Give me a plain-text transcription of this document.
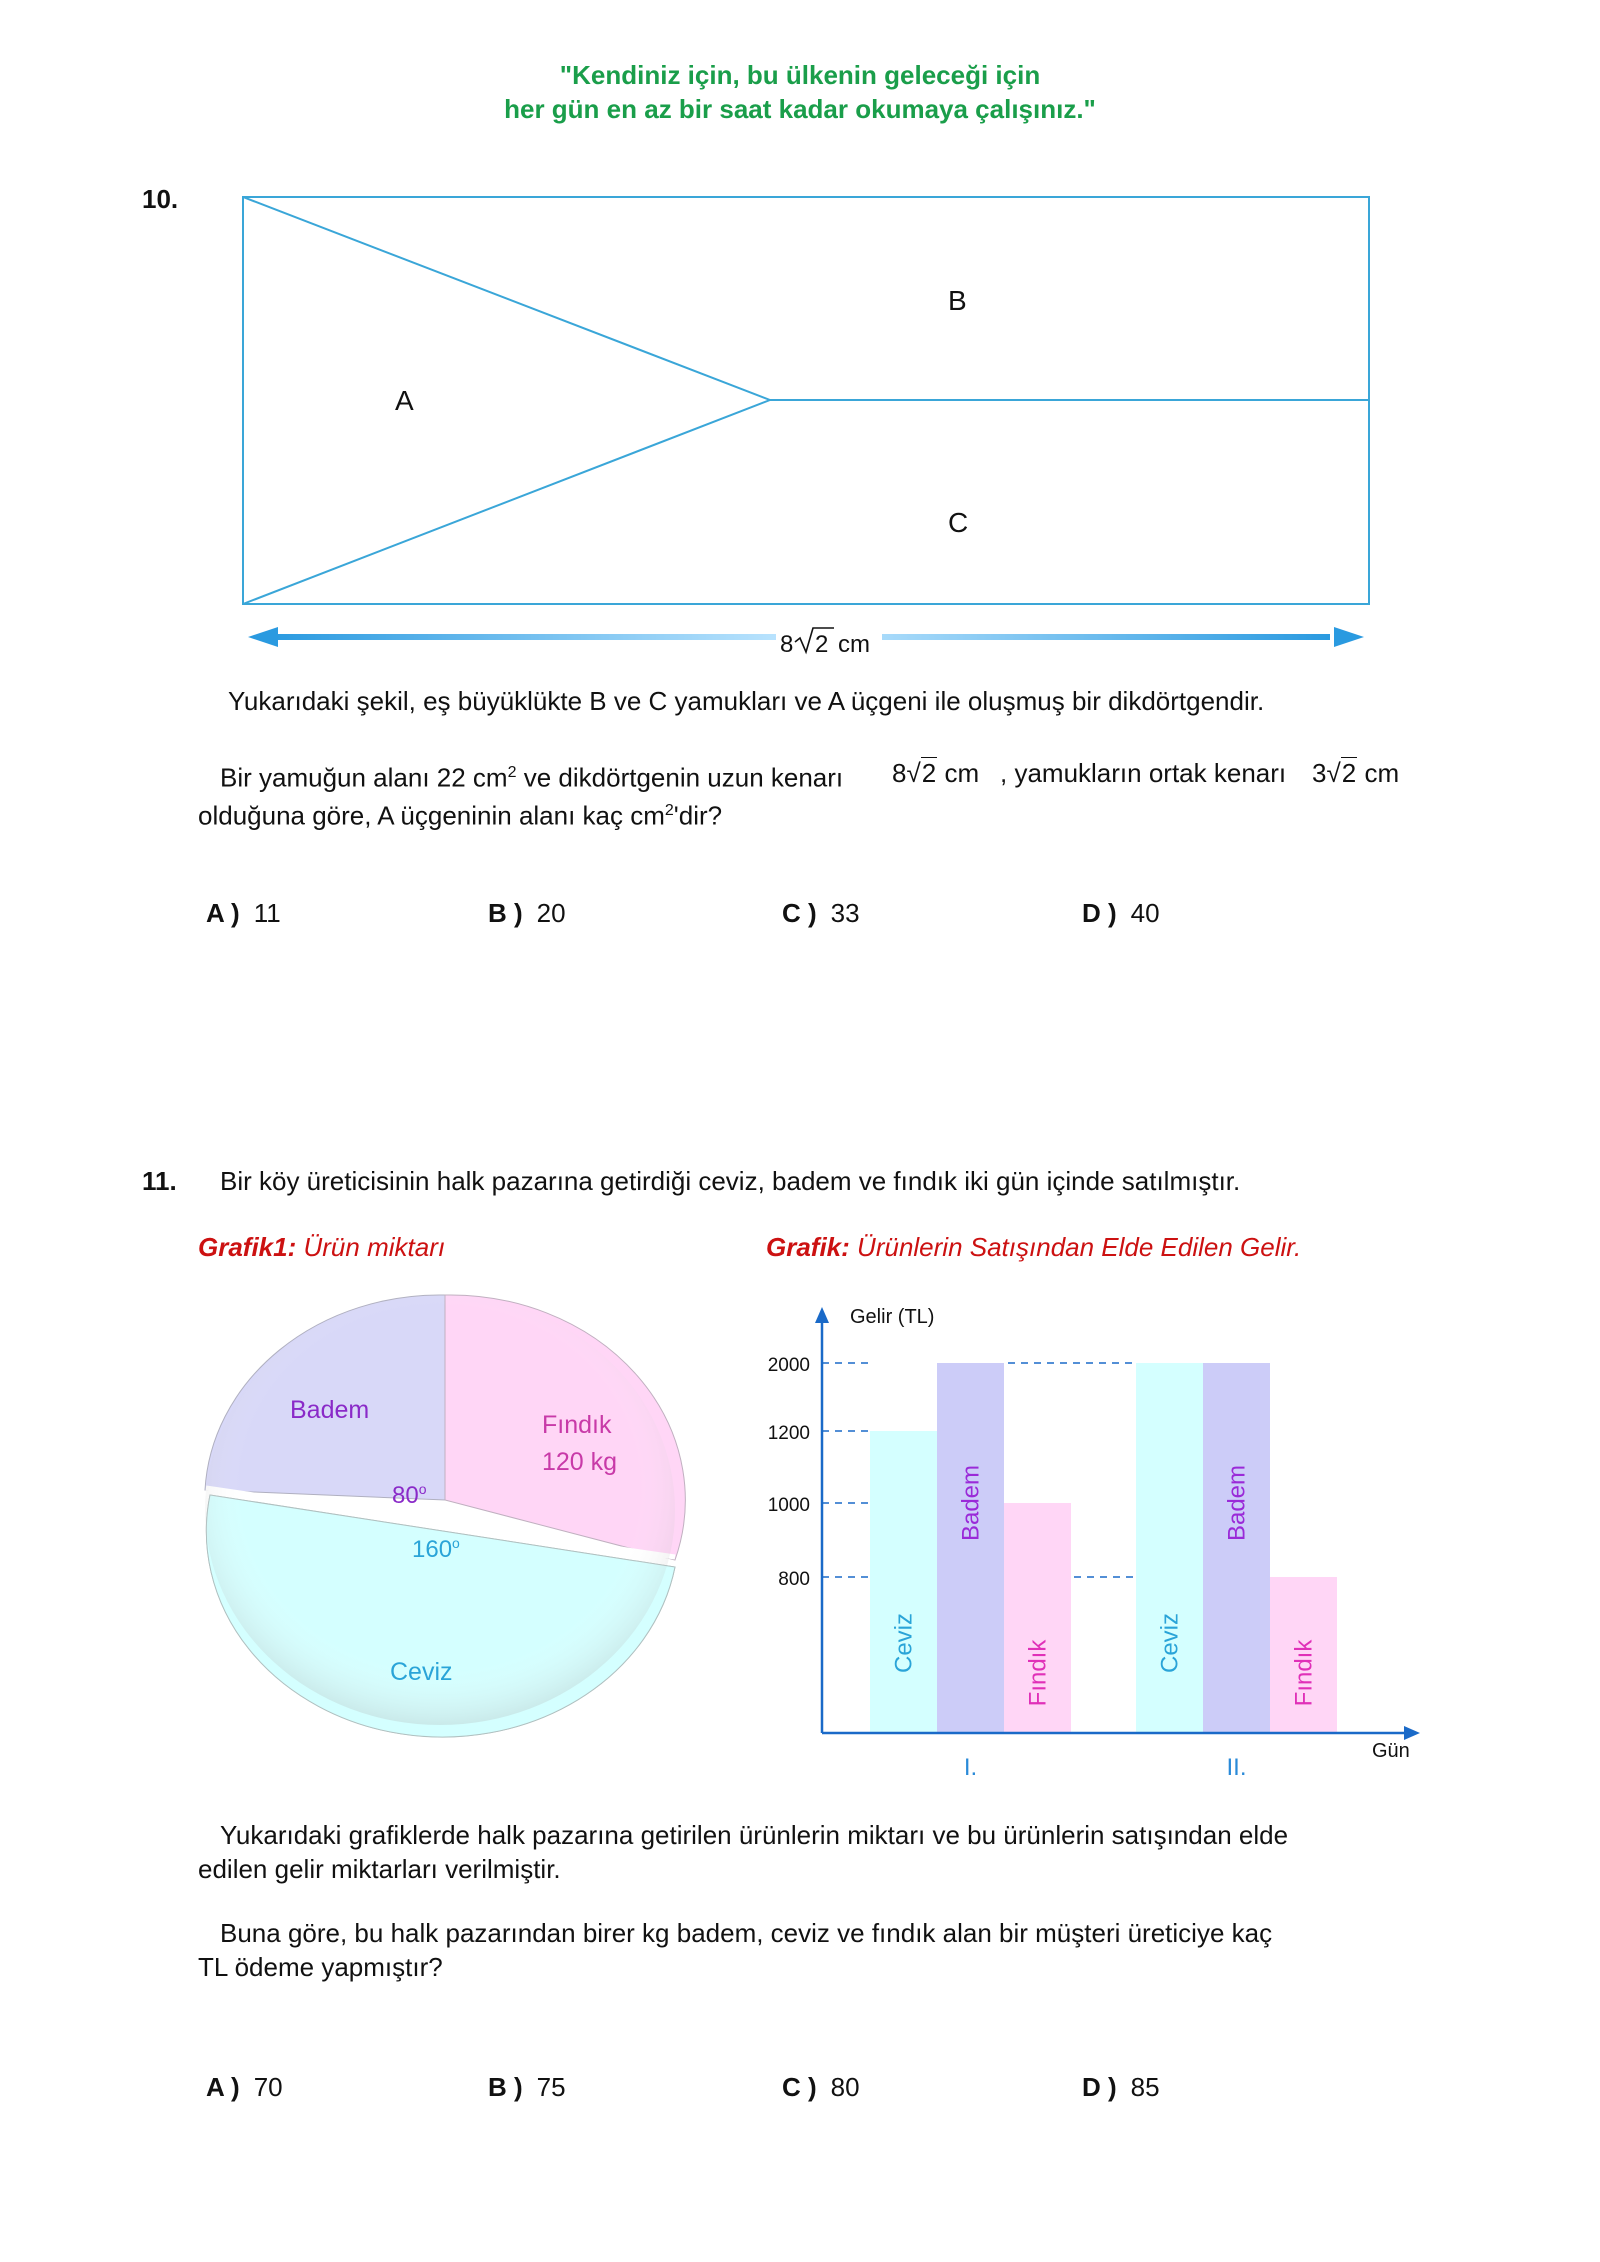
"Kendiniz için, bu ülkenin geleceği için
her gün en az bir saat kadar okumaya çalışınız."
10.
A
B
C
8 2 cm
Yukarıdaki şekil, eş büyüklükte B ve C yamukları ve A üçgeni ile oluşmuş bir dikdörtgendir.
Bir yamuğun alanı 22 $cm^2$ ve dikdörtgenin uzun kenarı 8√2 cm , yamukların ortak kenarı 3√2 cm
olduğuna göre, A üçgeninin alanı kaç $cm^2'dir$?
A ) 11	B ) 20	C ) 33	D ) 40
11. Bir köy üreticisinin halk pazarına getirdiği ceviz, badem ve fındık iki gün içinde satılmıştır.
Grafik1: Ürün miktarı	Grafik: Ürünlerin Satışından Elde Edilen Gelir.
Badem
Fındık
120 kg
80$^o$
160$^o$
Ceviz
800
1000
1200
2000
Ceviz
Badem
Fındık
I.
Ceviz
Badem
Fındık
II.
Gelir (TL)
Gün
Yukarıdaki grafiklerde halk pazarına getirilen ürünlerin miktarı ve bu ürünlerin satışından elde
edilen gelir miktarları verilmiştir.
Buna göre, bu halk pazarından birer kg badem, ceviz ve fındık alan bir müşteri üreticiye kaç
TL ödeme yapmıştır?
A ) 70	B ) 75	C ) 80	D ) 85
